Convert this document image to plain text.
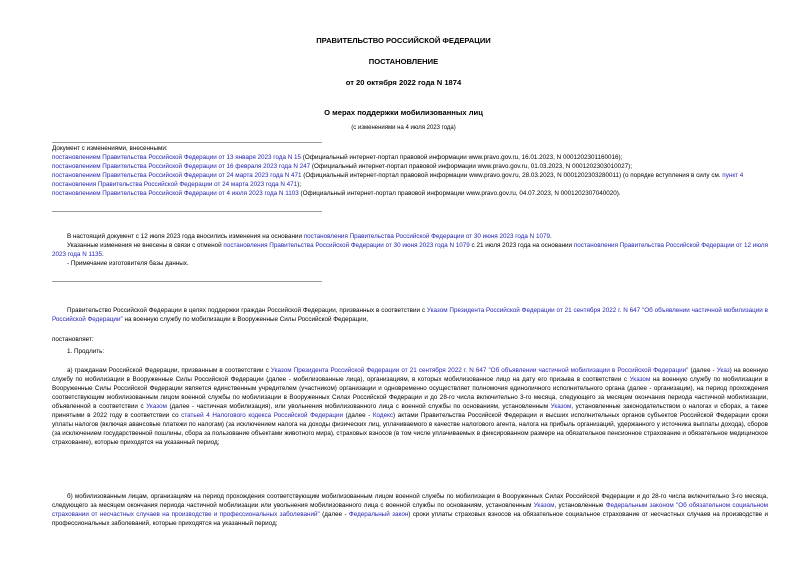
ПРАВИТЕЛЬСТВО РОССИЙСКОЙ ФЕДЕРАЦИИ
ПОСТАНОВЛЕНИЕ
от 20 октября 2022 года N 1874
О мерах поддержки мобилизованных лиц
(с изменениями на 4 июля 2023 года)

Документ с изменениями, внесенными:

постановлением Правительства Российской Федерации от 13 января 2023 года N 15 (Официальный интернет-портал правовой информации www.pravo.gov.ru, 16.01.2023, N 0001202301160016);

постановлением Правительства Российской Федерации от 16 февраля 2023 года N 247 (Официальный интернет-портал правовой информации www.pravo.gov.ru, 01.03.2023, N 0001202303010027);

постановлением Правительства Российской Федерации от 24 марта 2023 года N 471 (Официальный интернет-портал правовой информации www.pravo.gov.ru, 28.03.2023, N 0001202303280011) (о порядке вступления в силу см. пункт 4 постановления Правительства Российской Федерации от 24 марта 2023 года N 471);

постановлением Правительства Российской Федерации от 4 июля 2023 года N 1103 (Официальный интернет-портал правовой информации www.pravo.gov.ru, 04.07.2023, N 0001202307040020).

В настоящий документ с 12 июля 2023 года вносились изменения на основании постановления Правительства Российской Федерации от 30 июня 2023 года N 1079.

Указанные изменения не внесены в связи с отменой постановления Правительства Российской Федерации от 30 июня 2023 года N 1079 с 21 июля 2023 года на основании постановления Правительства Российской Федерации от 12 июля 2023 года N 1135.

- Примечание изготовителя базы данных.

Правительство Российской Федерации в целях поддержки граждан Российской Федерации, призванных в соответствии с Указом Президента Российской Федерации от 21 сентября 2022 г. N 647 "Об объявлении частичной мобилизации в Российской Федерации" на военную службу по мобилизации в Вооруженные Силы Российской Федерации,

постановляет:
1. Продлить:

а) гражданам Российской Федерации, призванным в соответствии с Указом Президента Российской Федерации от 21 сентября 2022 г. N 647 "Об объявлении частичной мобилизации в Российской Федерации" (далее - Указ) на военную службу по мобилизации в Вооруженные Силы Российской Федерации (далее - мобилизованные лица), организациям, в которых мобилизованное лицо на дату его призыва в соответствии с Указом на военную службу по мобилизации в Вооруженные Силы Российской Федерации является единственным учредителем (участником) организации и одновременно осуществляет полномочия единоличного исполнительного органа (далее - организации), на период прохождения соответствующим мобилизованным лицом военной службы по мобилизации в Вооруженных Силах Российской Федерации и до 28-го числа включительно 3-го месяца, следующего за месяцем окончания периода частичной мобилизации, объявленной в соответствии с Указом (далее - частичная мобилизация), или увольнения мобилизованного лица с военной службы по основаниям, установленным Указом, установленные законодательством о налогах и сборах, а также принятыми в 2022 году в соответствии со статьей 4 Налогового кодекса Российской Федерации (далее - Кодекс) актами Правительства Российской Федерации и высших исполнительных органов субъектов Российской Федерации сроки уплаты налогов (включая авансовые платежи по налогам) (за исключением налога на доходы физических лиц, уплачиваемого в качестве налогового агента, налога на прибыль организаций, удержанного у источника выплаты дохода), сборов (за исключением государственной пошлины, сбора за пользование объектами животного мира), страховых взносов (в том числе уплачиваемых в фиксированном размере на обязательное пенсионное страхование и обязательное медицинское страхование), которые приходятся на указанный период;

б) мобилизованным лицам, организациям на период прохождения соответствующим мобилизованным лицом военной службы по мобилизации в Вооруженных Силах Российской Федерации и до 28-го числа включительно 3-го месяца, следующего за месяцем окончания периода частичной мобилизации или увольнения мобилизованного лица с военной службы по основаниям, установленным Указом, установленные Федеральным законом "Об обязательном социальном страховании от несчастных случаев на производстве и профессиональных заболеваний" (далее - Федеральный закон) сроки уплаты страховых взносов на обязательное социальное страхование от несчастных случаев на производстве и профессиональных заболеваний, которые приходятся на указанный период;
